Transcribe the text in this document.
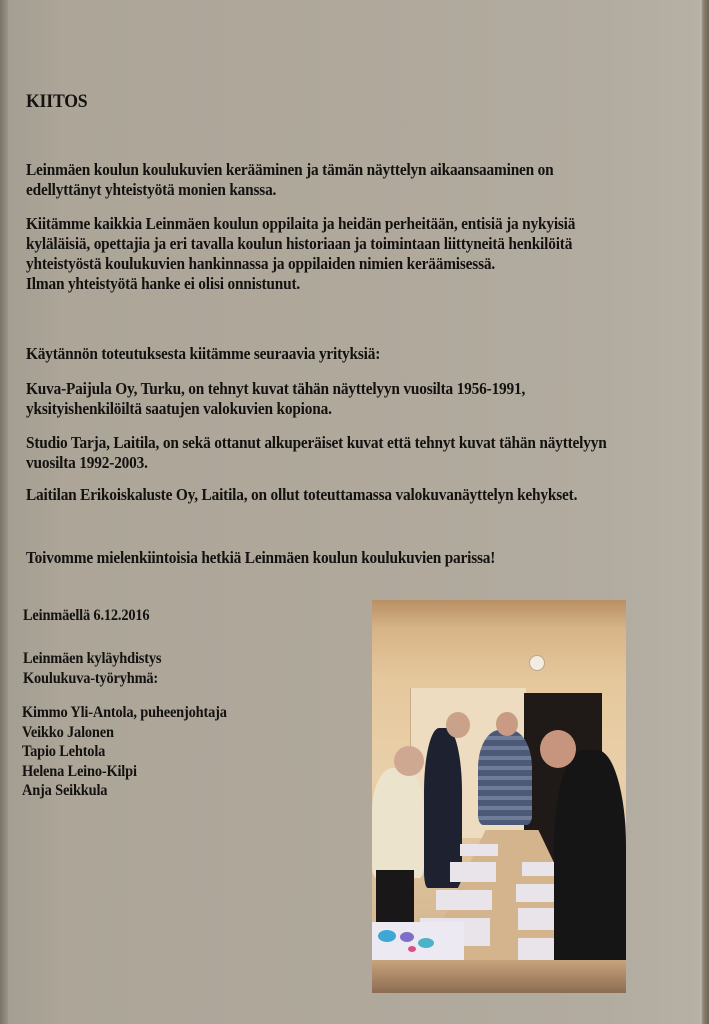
KIITOS
Leinmäen koulun koulukuvien kerääminen ja tämän näyttelyn aikaansaaminen on
edellyttänyt yhteistyötä monien kanssa.
Kiitämme kaikkia Leinmäen koulun oppilaita ja heidän perheitään, entisiä ja nykyisiä
kyläläisiä, opettajia ja eri tavalla koulun historiaan ja toimintaan liittyneitä henkilöitä
yhteistyöstä koulukuvien hankinnassa ja oppilaiden nimien keräämisessä.
Ilman yhteistyötä hanke ei olisi onnistunut.
Käytännön toteutuksesta kiitämme seuraavia yrityksiä:
Kuva-Paijula Oy, Turku, on tehnyt kuvat tähän näyttelyyn vuosilta 1956-1991,
yksityishenkilöiltä saatujen valokuvien kopiona.
Studio Tarja, Laitila, on sekä ottanut alkuperäiset kuvat että tehnyt kuvat tähän näyttelyyn
vuosilta 1992-2003.
Laitilan Erikoiskaluste Oy, Laitila, on ollut toteuttamassa valokuvanäyttelyn kehykset.
Toivomme mielenkiintoisia hetkiä Leinmäen koulun koulukuvien parissa!
Leinmäellä 6.12.2016
Leinmäen kyläyhdistys
Koulukuva-työryhmä:
Kimmo Yli-Antola, puheenjohtaja
Veikko Jalonen
Tapio Lehtola
Helena Leino-Kilpi
Anja Seikkula
